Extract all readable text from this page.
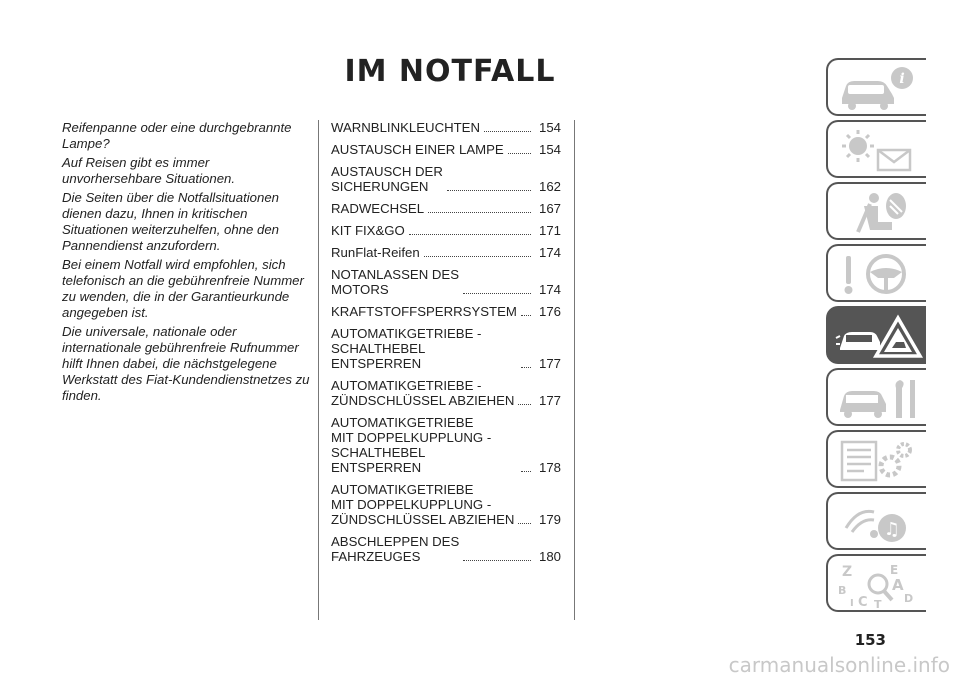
IM NOTFALL

Reifenpanne oder eine durchgebrannte Lampe?

Auf Reisen gibt es immer unvorhersehbare Situationen.

Die Seiten über die Notfallsituationen dienen dazu, Ihnen in kritischen Situationen weiterzuhelfen, ohne den Pannendienst anzufordern.

Bei einem Notfall wird empfohlen, sich telefonisch an die gebührenfreie Nummer zu wenden, die in der Garantieurkunde angegeben ist.

Die universale, nationale oder internationale gebührenfreie Rufnummer hilft Ihnen dabei, die nächstgelegene Werkstatt des Fiat-Kundendienstnetzes zu finden.

WARNBLINKLEUCHTEN	154
AUSTAUSCH EINER LAMPE	154
AUSTAUSCH DER
SICHERUNGEN	162
RADWECHSEL	167
KIT FIX&GO	171
RunFlat-Reifen	174
NOTANLASSEN DES
MOTORS	174
KRAFTSTOFFSPERRSYSTEM	176
AUTOMATIKGETRIEBE -
SCHALTHEBEL ENTSPERREN	177
AUTOMATIKGETRIEBE -
ZÜNDSCHLÜSSEL ABZIEHEN	177
AUTOMATIKGETRIEBE
MIT DOPPELKUPPLUNG -
SCHALTHEBEL ENTSPERREN	178
AUTOMATIKGETRIEBE
MIT DOPPELKUPPLUNG -
ZÜNDSCHLÜSSEL ABZIEHEN	179
ABSCHLEPPEN DES
FAHRZEUGES	180
i
♫
Z	E
A
B
C T D
I
153
carmanualsonline.info
